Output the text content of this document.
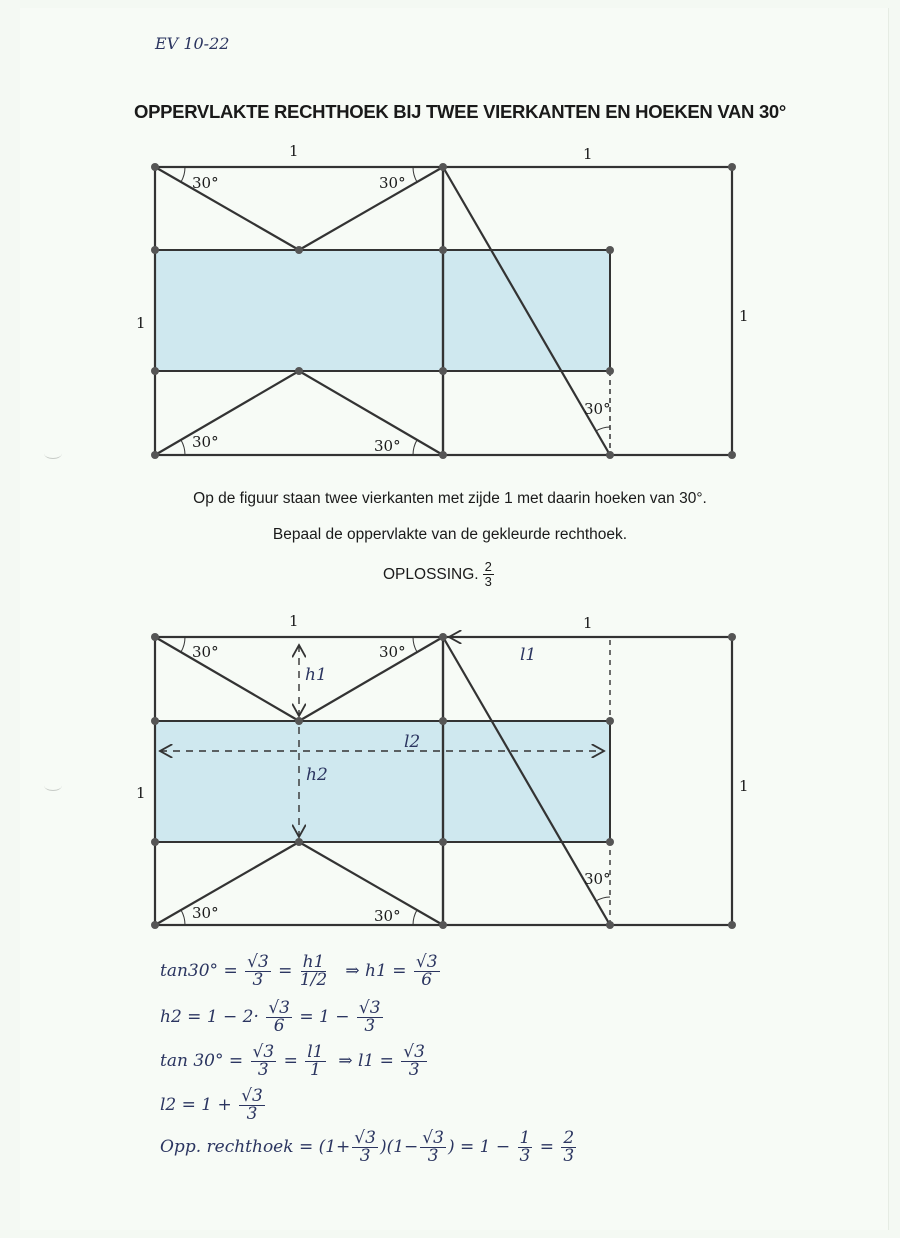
EV 10-22
OPPERVLAKTE RECHTHOEK BIJ TWEE VIERKANTEN EN HOEKEN VAN 30°
1	1
1	1
30°	30°
30°	30°
30°
Op de figuur staan twee vierkanten met zijde 1 met daarin hoeken van 30°.
Bepaal de oppervlakte van de gekleurde rechthoek.
OPLOSSING. $\frac{2}{3}$
1	1
1	1
30°	30°
30°	30°
30°
h1
h2
l1
l2
$\tan 30^\circ = \frac{√3}{3} = \frac{h1}{1/2}$ ⇒ $h1 = \frac{√3}{6}$
$h2 = 1 - 2\cdot \frac{√3}{6} = 1 - \frac{√3}{3}$
$\tan 30^\circ = \frac{√3}{3} = \frac{l1}{1}$ ⇒ $l1 = \frac{√3}{3}$
$l2 = 1 + \frac{√3}{3}$
Opp. rechthoek = $(1+ \frac{√3}{3} )(1- \frac{√3}{3}$ ) = $1 - \frac{1}{3} = \frac{2}{3}$
